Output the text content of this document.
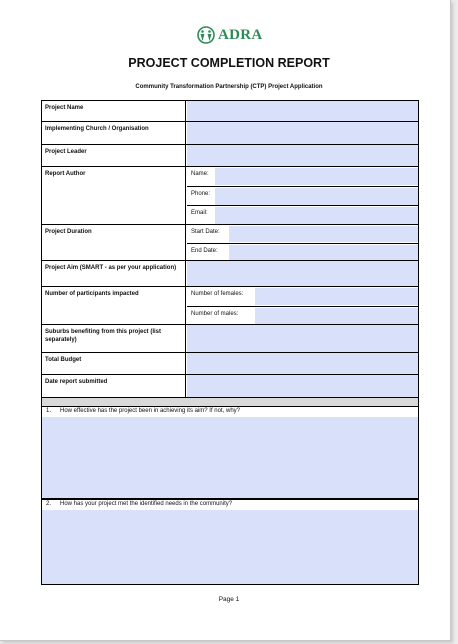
ADRA
PROJECT COMPLETION REPORT
Community Transformation Partnership (CTP) Project Application
Project Name
Implementing Church / Organisation
Project Leader
Report Author	Name:
Phone:
Email:
Project Duration	Start Date:
End Date:
Project Aim (SMART - as per your application)
Number of participants impacted	Number of females:
Number of males:
Suburbs benefiting from this project (list separately)
Total Budget
Date report submitted
1. How effective has the project been in achieving its aim? If not, why?
2. How has your project met the identified needs in the community?
Page 1
